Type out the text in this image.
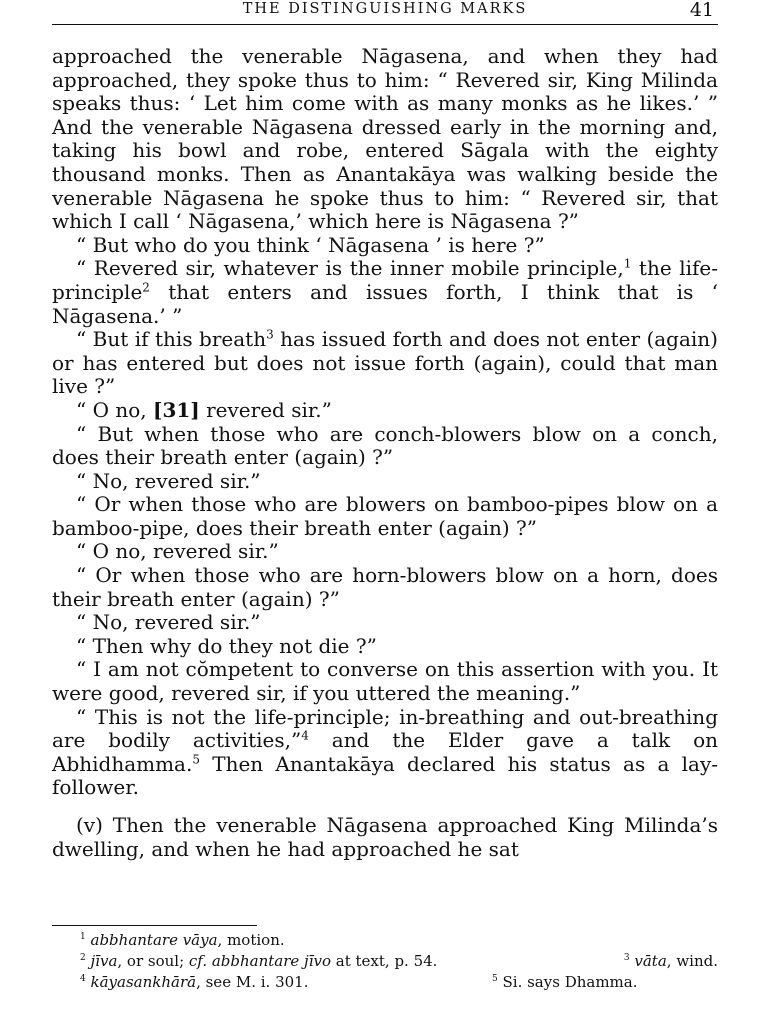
THE DISTINGUISHING MARKS	41

approached the venerable Nāgasena, and when they had approached, they spoke thus to him: “ Revered sir, King Milinda speaks thus: ‘ Let him come with as many monks as he likes.’ ” And the venerable Nāgasena dressed early in the morning and, taking his bowl and robe, entered Sāgala with the eighty thousand monks. Then as Anantakāya was walking beside the venerable Nāgasena he spoke thus to him: “ Revered sir, that which I call ‘ Nāgasena,’ which here is Nāgasena ?”

“ But who do you think ‘ Nāgasena ’ is here ?”

“ Revered sir, whatever is the inner mobile principle,$^1$ the life-principle$^2$ that enters and issues forth, I think that is ‘ Nāgasena.’ ”

“ But if this breath$^3$ has issued forth and does not enter (again) or has entered but does not issue forth (again), could that man live ?”

“ O no, [31] revered sir.”

“ But when those who are conch-blowers blow on a conch, does their breath enter (again) ?”

“ No, revered sir.”

“ Or when those who are blowers on bamboo-pipes blow on a bamboo-pipe, does their breath enter (again) ?”

“ O no, revered sir.”

“ Or when those who are horn-blowers blow on a horn, does their breath enter (again) ?”

“ No, revered sir.”

“ Then why do they not die ?”

“ I am not cŏmpetent to converse on this assertion with you. It were good, revered sir, if you uttered the meaning.”

“ This is not the life-principle; in-breathing and out-breathing are bodily activities,”$^4$ and the Elder gave a talk on Abhidhamma.$^5$ Then Anantakāya declared his status as a lay-follower.

(v) Then the venerable Nāgasena approached King Milinda’s dwelling, and when he had approached he sat

$^1$ abbhantare vāya, motion.
$^2$ jīva, or soul; cf. abbhantare jīvo at text, p. 54.	$^3$ vāta, wind.
$^4$ kāyasankhārā, see M. i. 301.	$^5$ Si. says Dhamma.
